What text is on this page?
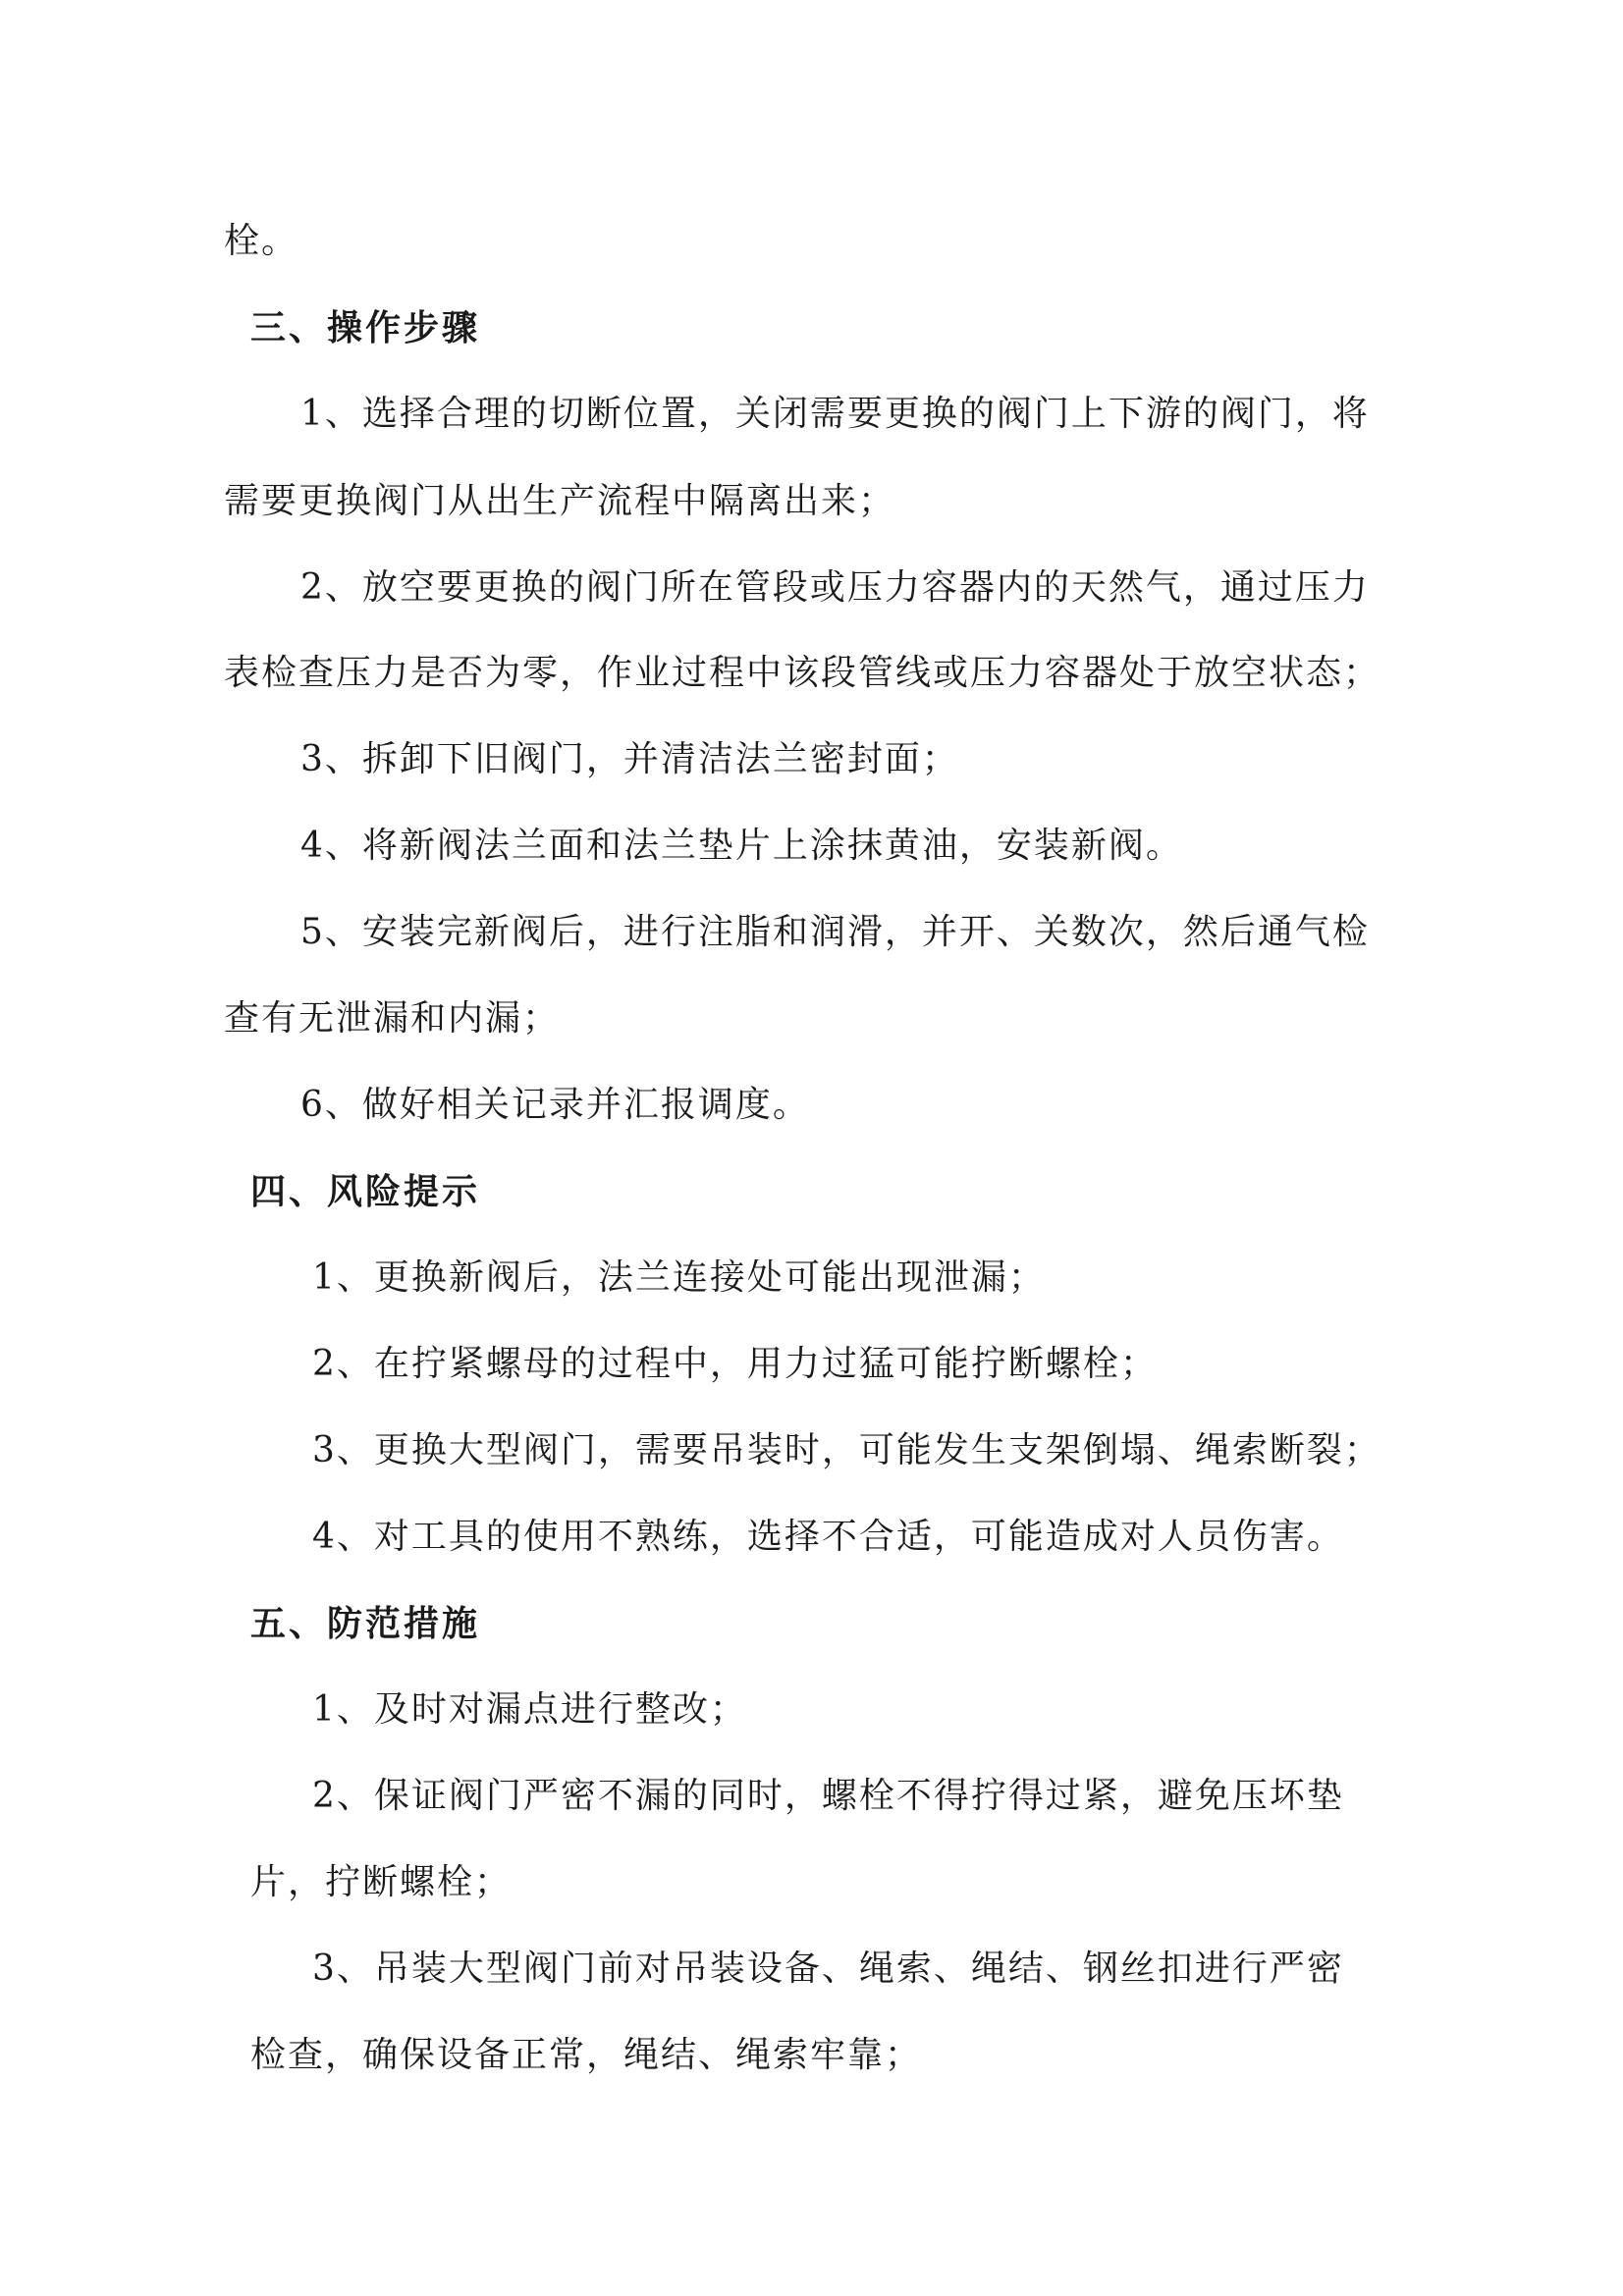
栓。
三、操作步骤
1、选择合理的切断位置，关闭需要更换的阀门上下游的阀门，将
需要更换阀门从出生产流程中隔离出来；
2、放空要更换的阀门所在管段或压力容器内的天然气，通过压力
表检查压力是否为零，作业过程中该段管线或压力容器处于放空状态；
3、拆卸下旧阀门，并清洁法兰密封面；
4、将新阀法兰面和法兰垫片上涂抹黄油，安装新阀。
5、安装完新阀后，进行注脂和润滑，并开、关数次，然后通气检
查有无泄漏和内漏；
6、做好相关记录并汇报调度。
四、风险提示
1、更换新阀后，法兰连接处可能出现泄漏；
2、在拧紧螺母的过程中，用力过猛可能拧断螺栓；
3、更换大型阀门，需要吊装时，可能发生支架倒塌、绳索断裂；
4、对工具的使用不熟练，选择不合适，可能造成对人员伤害。
五、防范措施
1、及时对漏点进行整改；
2、保证阀门严密不漏的同时，螺栓不得拧得过紧，避免压坏垫
片，拧断螺栓；
3、吊装大型阀门前对吊装设备、绳索、绳结、钢丝扣进行严密
检查，确保设备正常，绳结、绳索牢靠；
